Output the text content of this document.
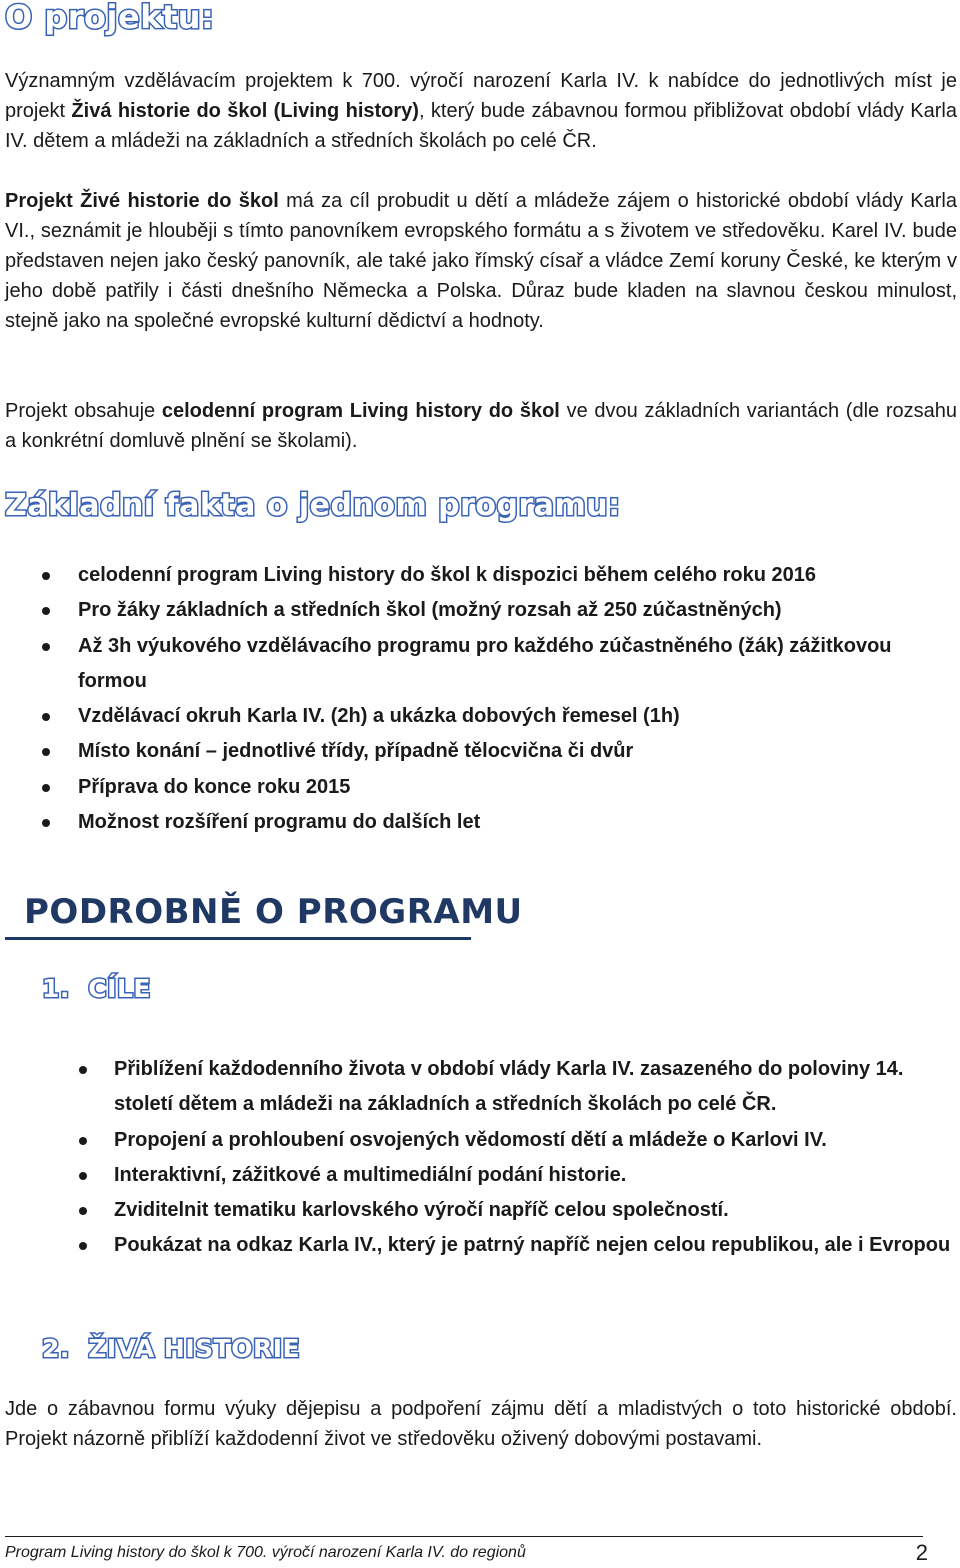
O projektu:

Významným vzdělávacím projektem k 700. výročí narození Karla IV. k nabídce do jednotlivých míst je projekt Živá historie do škol (Living history), který bude zábavnou formou přibližovat období vlády Karla IV. dětem a mládeži na základních a středních školách po celé ČR.

Projekt Živé historie do škol má za cíl probudit u dětí a mládeže zájem o historické období vlády Karla VI., seznámit je hlouběji s tímto panovníkem evropského formátu a s životem ve středověku. Karel IV. bude představen nejen jako český panovník, ale také jako římský císař a vládce Zemí koruny České, ke kterým v jeho době patřily i části dnešního Německa a Polska. Důraz bude kladen na slavnou českou minulost, stejně jako na společné evropské kulturní dědictví a hodnoty.

Projekt obsahuje celodenní program Living history do škol ve dvou základních variantách (dle rozsahu a konkrétní domluvě plnění se školami).

Základní fakta o jednom programu:
celodenní program Living history do škol k dispozici během celého roku 2016
Pro žáky základních a středních škol (možný rozsah až 250 zúčastněných)
Až 3h výukového vzdělávacího programu pro každého zúčastněného (žák) zážitkovou formou
Vzdělávací okruh Karla IV. (2h) a ukázka dobových řemesel (1h)
Místo konání – jednotlivé třídy, případně tělocvična či dvůr
Příprava do konce roku 2015
Možnost rozšíření programu do dalších let
PODROBNĚ O PROGRAMU
1.  CÍLE
Přiblížení každodenního života v období vlády Karla IV. zasazeného do poloviny 14. století dětem a mládeži na základních a středních školách po celé ČR.
Propojení a prohloubení osvojených vědomostí dětí a mládeže o Karlovi IV.
Interaktivní, zážitkové a multimediální podání historie.
Zviditelnit tematiku karlovského výročí napříč celou společností.
Poukázat na odkaz Karla IV., který je patrný napříč nejen celou republikou, ale i Evropou
2.  ŽIVÁ HISTORIE

Jde o zábavnou formu výuky dějepisu a podpoření zájmu dětí a mladistvých o toto historické období. Projekt názorně přiblíží každodenní život ve středověku oživený dobovými postavami.

Program Living history do škol k 700. výročí narození Karla IV. do regionů	2
